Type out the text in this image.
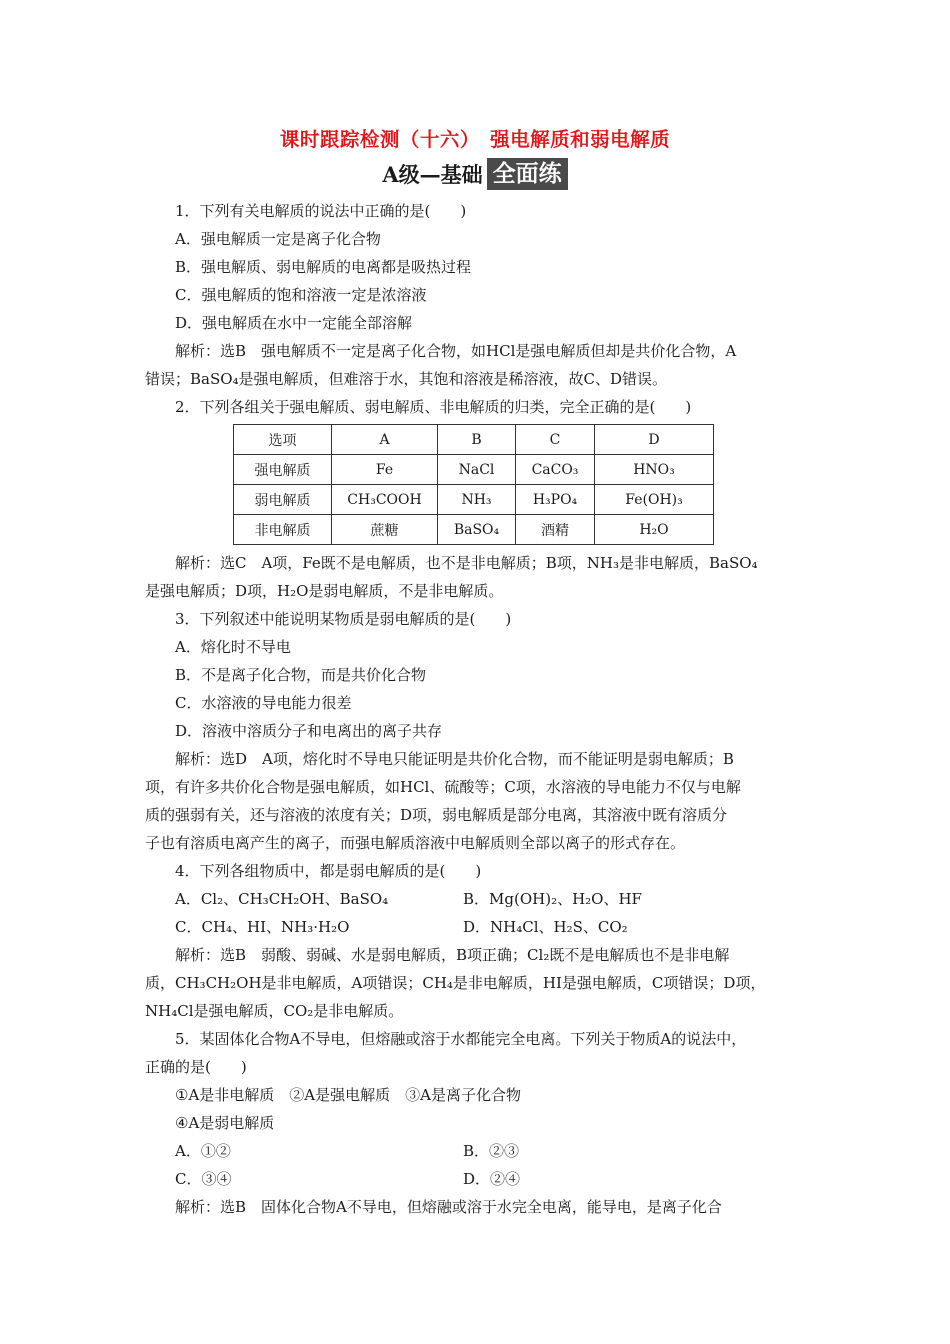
课时跟踪检测（十六）　强电解质和弱电解质
A级—基础 全面练
1．下列有关电解质的说法中正确的是(　　)
A．强电解质一定是离子化合物
B．强电解质、弱电解质的电离都是吸热过程
C．强电解质的饱和溶液一定是浓溶液
D．强电解质在水中一定能全部溶解
解析：选B　强电解质不一定是离子化合物，如HCl是强电解质但却是共价化合物，A
错误；BaSO₄是强电解质，但难溶于水，其饱和溶液是稀溶液，故C、D错误。
2．下列各组关于强电解质、弱电解质、非电解质的归类，完全正确的是(　　)
选项	A	B	C	D
强电解质	Fe	NaCl	CaCO₃	HNO₃
弱电解质	CH₃COOH	NH₃	H₃PO₄	Fe(OH)₃
非电解质	蔗糖	BaSO₄	酒精	H₂O
解析：选C　A项，Fe既不是电解质，也不是非电解质；B项，NH₃是非电解质，BaSO₄
是强电解质；D项，H₂O是弱电解质，不是非电解质。
3．下列叙述中能说明某物质是弱电解质的是(　　)
A．熔化时不导电
B．不是离子化合物，而是共价化合物
C．水溶液的导电能力很差
D．溶液中溶质分子和电离出的离子共存
解析：选D　A项，熔化时不导电只能证明是共价化合物，而不能证明是弱电解质；B
项，有许多共价化合物是强电解质，如HCl、硫酸等；C项，水溶液的导电能力不仅与电解
质的强弱有关，还与溶液的浓度有关；D项，弱电解质是部分电离，其溶液中既有溶质分
子也有溶质电离产生的离子，而强电解质溶液中电解质则全部以离子的形式存在。
4．下列各组物质中，都是弱电解质的是(　　)
A．Cl₂、CH₃CH₂OH、BaSO₄	B．Mg(OH)₂、H₂O、HF
C．CH₄、HI、NH₃·H₂O	D．NH₄Cl、H₂S、CO₂
解析：选B　弱酸、弱碱、水是弱电解质，B项正确；Cl₂既不是电解质也不是非电解
质，CH₃CH₂OH是非电解质，A项错误；CH₄是非电解质，HI是强电解质，C项错误；D项，
NH₄Cl是强电解质，CO₂是非电解质。
5．某固体化合物A不导电，但熔融或溶于水都能完全电离。下列关于物质A的说法中，
正确的是(　　)
①A是非电解质　②A是强电解质　③A是离子化合物
④A是弱电解质
A．①②	B．②③
C．③④	D．②④
解析：选B　固体化合物A不导电，但熔融或溶于水完全电离，能导电，是离子化合
